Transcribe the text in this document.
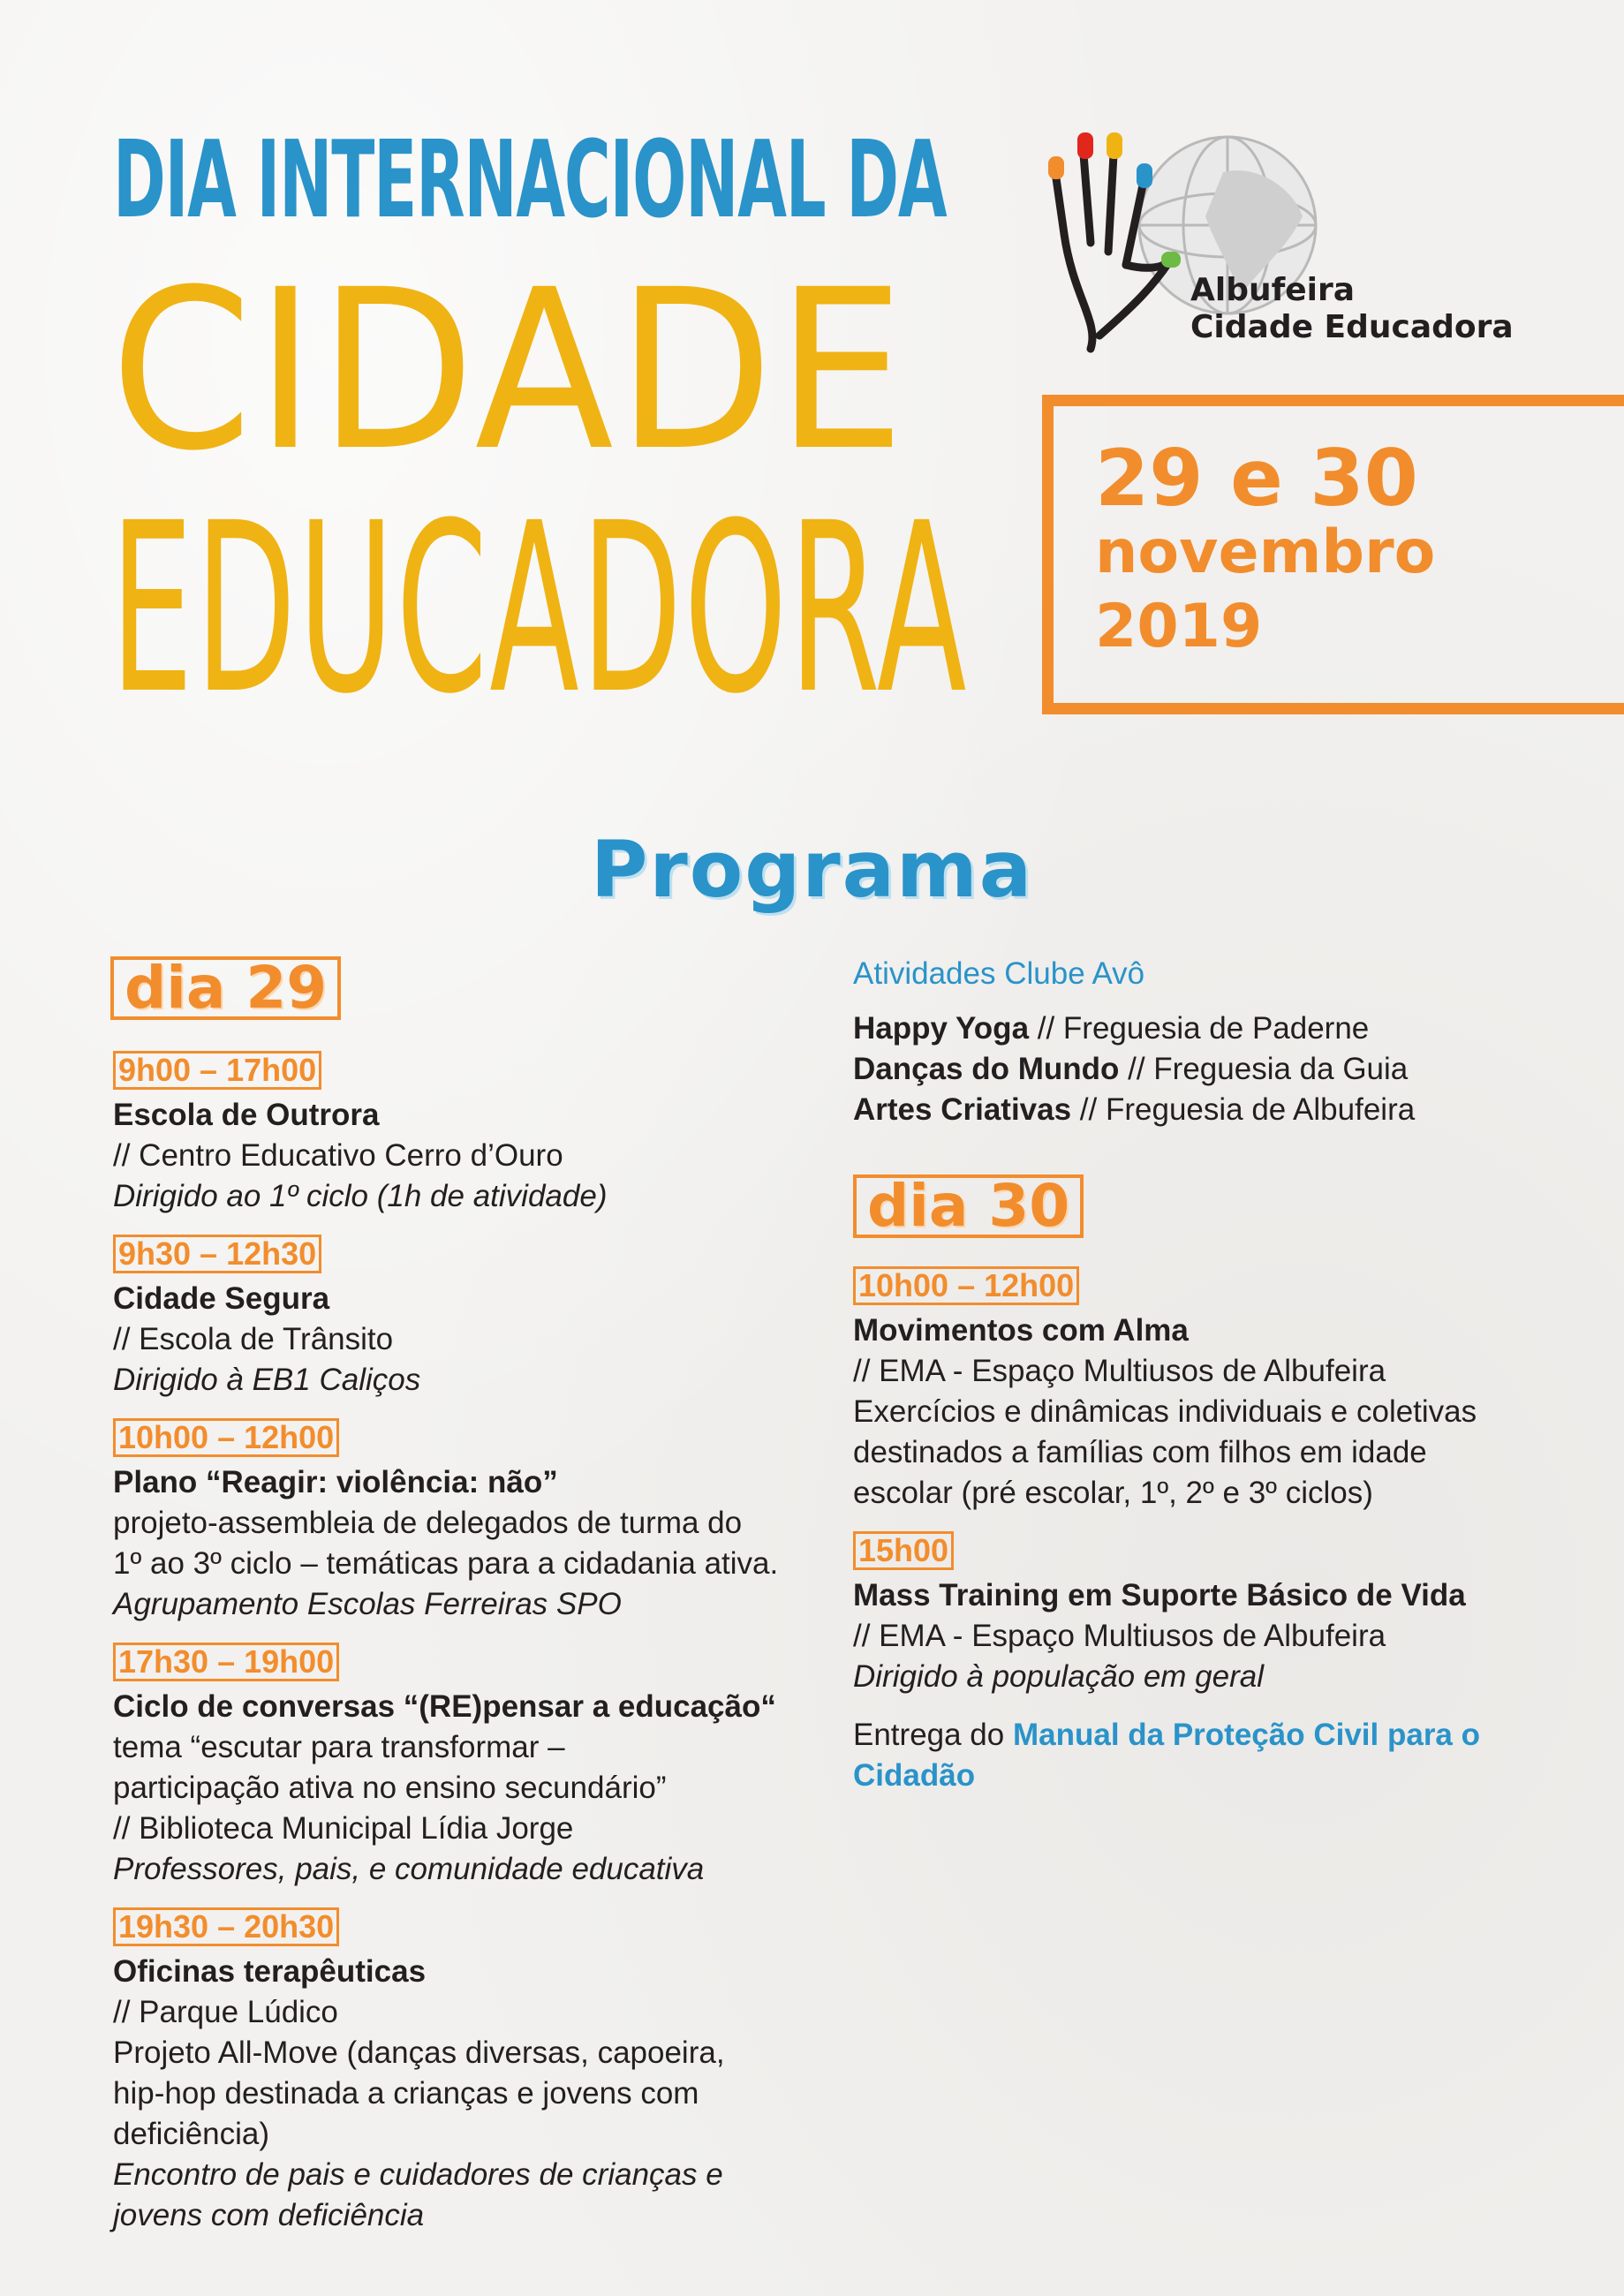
DIA INTERNACIONAL DA
CIDADE
EDUCADORA
Albufeira
Cidade Educadora
29 e 30
novembro
2019
Programa
dia 29
9h00 – 17h00
Escola de Outrora
// Centro Educativo Cerro d’Ouro
Dirigido ao 1º ciclo (1h de atividade)
9h30 – 12h30
Cidade Segura
// Escola de Trânsito
Dirigido à EB1 Caliços
10h00 – 12h00
Plano “Reagir: violência: não”
projeto-assembleia de delegados de turma do
1º ao 3º ciclo – temáticas para a cidadania ativa.
Agrupamento Escolas Ferreiras SPO
17h30 – 19h00
Ciclo de conversas “(RE)pensar a educação“
tema “escutar para transformar –
participação ativa no ensino secundário”
// Biblioteca Municipal Lídia Jorge
Professores, pais, e comunidade educativa
19h30 – 20h30
Oficinas terapêuticas
// Parque Lúdico
Projeto All-Move (danças diversas, capoeira,
hip-hop destinada a crianças e jovens com
deficiência)
Encontro de pais e cuidadores de crianças e
jovens com deficiência
Atividades Clube Avô
Happy Yoga // Freguesia de Paderne
Danças do Mundo // Freguesia da Guia
Artes Criativas // Freguesia de Albufeira
dia 30
10h00 – 12h00
Movimentos com Alma
// EMA - Espaço Multiusos de Albufeira
Exercícios e dinâmicas individuais e coletivas
destinados a famílias com filhos em idade
escolar (pré escolar, 1º, 2º e 3º ciclos)
15h00
Mass Training em Suporte Básico de Vida
// EMA - Espaço Multiusos de Albufeira
Dirigido à população em geral
Entrega do Manual da Proteção Civil para o Cidadão
